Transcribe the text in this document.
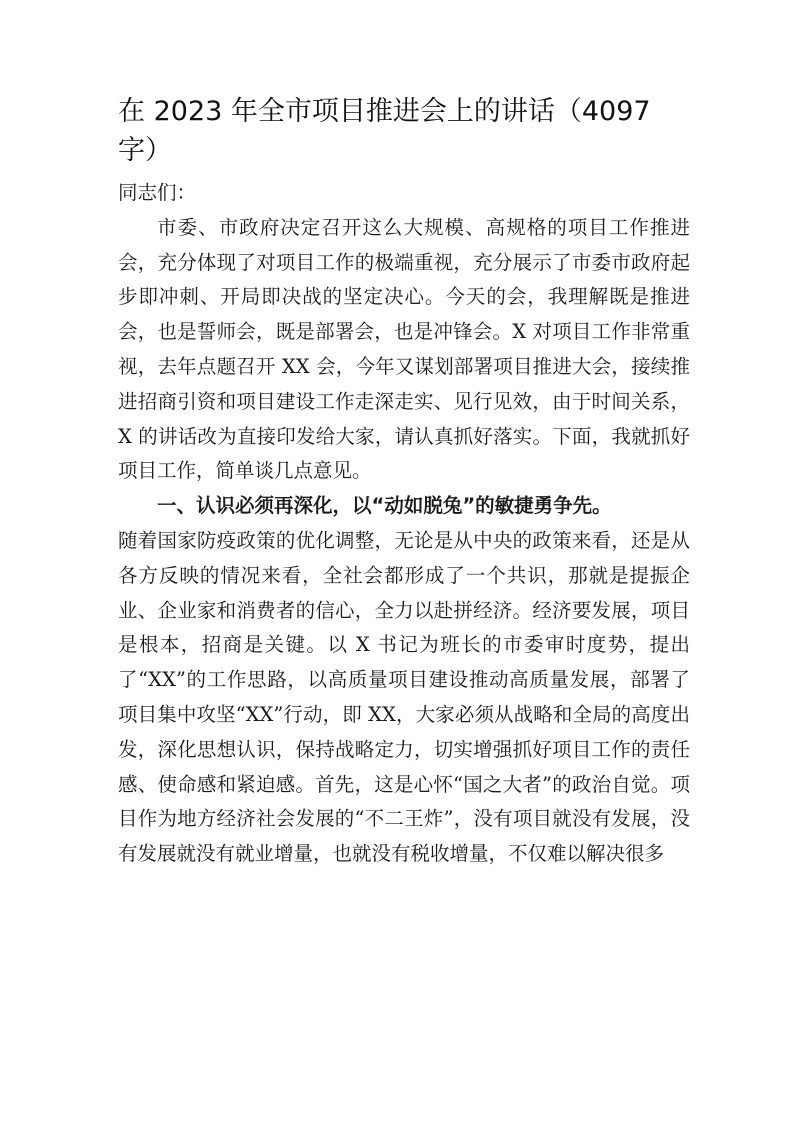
在 2023 年全市项目推进会上的讲话（4097 字）

同志们：

市委、市政府决定召开这么大规模、高规格的项目工作推进会，充分体现了对项目工作的极端重视，充分展示了市委市政府起步即冲刺、开局即决战的坚定决心。今天的会，我理解既是推进会，也是誓师会，既是部署会，也是冲锋会。X 对项目工作非常重视，去年点题召开 XX 会，今年又谋划部署项目推进大会，接续推进招商引资和项目建设工作走深走实、见行见效，由于时间关系，X 的讲话改为直接印发给大家，请认真抓好落实。下面，我就抓好项目工作，简单谈几点意见。

一、认识必须再深化，以“动如脱兔”的敏捷勇争先。

随着国家防疫政策的优化调整，无论是从中央的政策来看，还是从各方反映的情况来看，全社会都形成了一个共识，那就是提振企业、企业家和消费者的信心，全力以赴拼经济。经济要发展，项目是根本，招商是关键。以 X 书记为班长的市委审时度势，提出了“XX”的工作思路，以高质量项目建设推动高质量发展，部署了项目集中攻坚“XX”行动，即 XX，大家必须从战略和全局的高度出发，深化思想认识，保持战略定力，切实增强抓好项目工作的责任感、使命感和紧迫感。首先，这是心怀“国之大者”的政治自觉。项目作为地方经济社会发展的“不二王炸”，没有项目就没有发展，没有发展就没有就业增量，也就没有税收增量，不仅难以解决很多
